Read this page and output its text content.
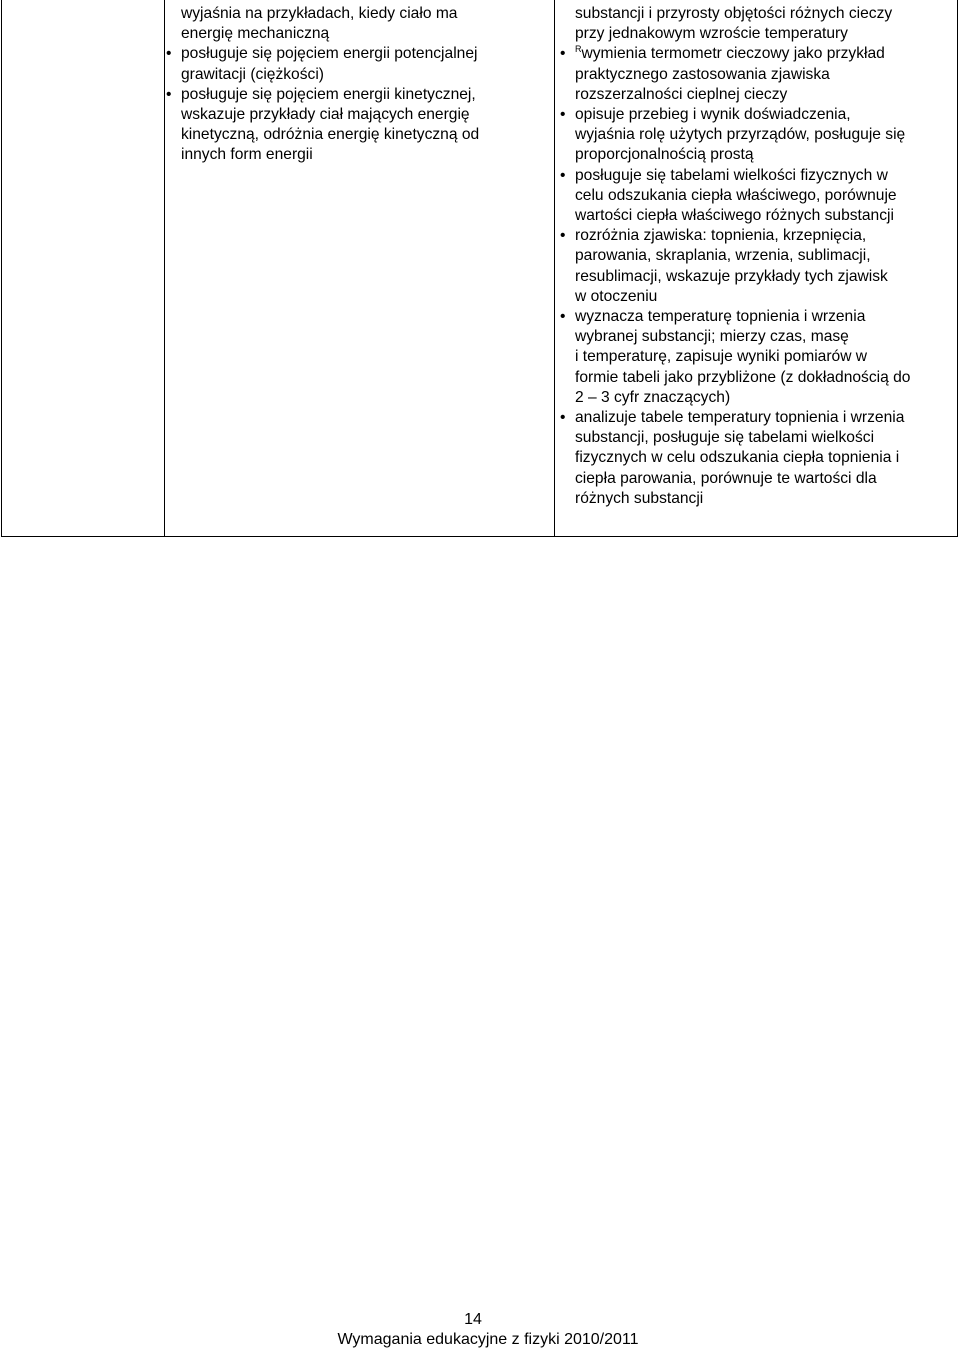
wyjaśnia na przykładach, kiedy ciało ma
energię mechaniczną
• posługuje się pojęciem energii potencjalnej
grawitacji (ciężkości)
• posługuje się pojęciem energii kinetycznej,
wskazuje przykłady ciał mających energię
kinetyczną, odróżnia energię kinetyczną od
innych form energii
substancji i przyrosty objętości różnych cieczy
przy jednakowym wzroście temperatury
• $^R$wymienia termometr cieczowy jako przykład
praktycznego zastosowania zjawiska
rozszerzalności cieplnej cieczy
• opisuje przebieg i wynik doświadczenia,
wyjaśnia rolę użytych przyrządów, posługuje się
proporcjonalnością prostą
• posługuje się tabelami wielkości fizycznych w
celu odszukania ciepła właściwego, porównuje
wartości ciepła właściwego różnych substancji
• rozróżnia zjawiska: topnienia, krzepnięcia,
parowania, skraplania, wrzenia, sublimacji,
resublimacji, wskazuje przykłady tych zjawisk
w otoczeniu
• wyznacza temperaturę topnienia i wrzenia
wybranej substancji; mierzy czas, masę
i temperaturę, zapisuje wyniki pomiarów w
formie tabeli jako przybliżone (z dokładnością do
2 – 3 cyfr znaczących)
• analizuje tabele temperatury topnienia i wrzenia
substancji, posługuje się tabelami wielkości
fizycznych w celu odszukania ciepła topnienia i
ciepła parowania, porównuje te wartości dla
różnych substancji
14
Wymagania edukacyjne z fizyki 2010/2011
